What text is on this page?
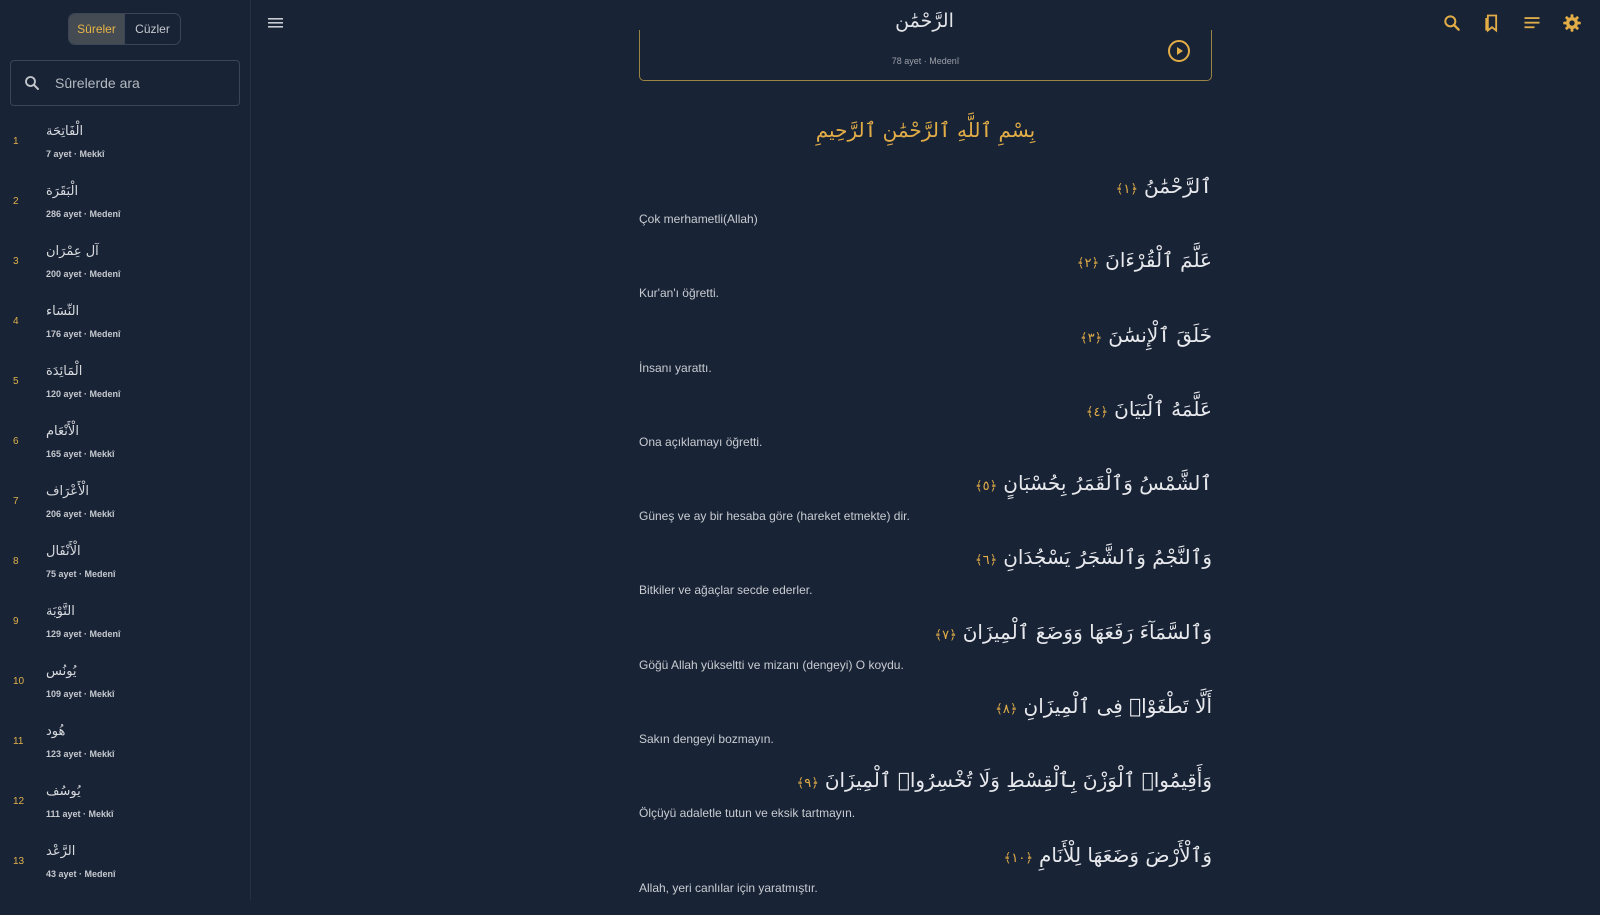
Sûreler	Cüzler
Sûrelerde ara
1
الْفَاتِحَة
7 ayet · Mekkî
2
الْبَقَرَة
286 ayet · Medenî
3
آل عِمْرَان
200 ayet · Medenî
4
النِّسَاء
176 ayet · Medenî
5
الْمَائِدَة
120 ayet · Medenî
6
الْأَنْعَام
165 ayet · Mekkî
7
الْأَعْرَاف
206 ayet · Mekkî
8
الْأَنْفَال
75 ayet · Medenî
9
التَّوْبَة
129 ayet · Medenî
10
يُونُس
109 ayet · Mekkî
11
هُود
123 ayet · Mekkî
12
يُوسُف
111 ayet · Mekkî
13
الرَّعْد
43 ayet · Medenî
الرَّحْمَٰن
78 ayet · Medenî
بِسْمِ ٱللَّهِ ٱلرَّحْمَٰنِ ٱلرَّحِيمِ
ٱلرَّحْمَٰنُ﴿١﴾
Çok merhametli(Allah)
عَلَّمَ ٱلْقُرْءَانَ﴿٢﴾
Kur'an'ı öğretti.
خَلَقَ ٱلْإِنسَٰنَ﴿٣﴾
İnsanı yarattı.
عَلَّمَهُ ٱلْبَيَانَ﴿٤﴾
Ona açıklamayı öğretti.
ٱلشَّمْسُ وَٱلْقَمَرُ بِحُسْبَانٍ﴿٥﴾
Güneş ve ay bir hesaba göre (hareket etmekte) dir.
وَٱلنَّجْمُ وَٱلشَّجَرُ يَسْجُدَانِ﴿٦﴾
Bitkiler ve ağaçlar secde ederler.
وَٱلسَّمَآءَ رَفَعَهَا وَوَضَعَ ٱلْمِيزَانَ﴿٧﴾
Göğü Allah yükseltti ve mizanı (dengeyi) O koydu.
أَلَّا تَطْغَوْا۟ فِى ٱلْمِيزَانِ﴿٨﴾
Sakın dengeyi bozmayın.
وَأَقِيمُوا۟ ٱلْوَزْنَ بِٱلْقِسْطِ وَلَا تُخْسِرُوا۟ ٱلْمِيزَانَ﴿٩﴾
Ölçüyü adaletle tutun ve eksik tartmayın.
وَٱلْأَرْضَ وَضَعَهَا لِلْأَنَامِ﴿١٠﴾
Allah, yeri canlılar için yaratmıştır.
